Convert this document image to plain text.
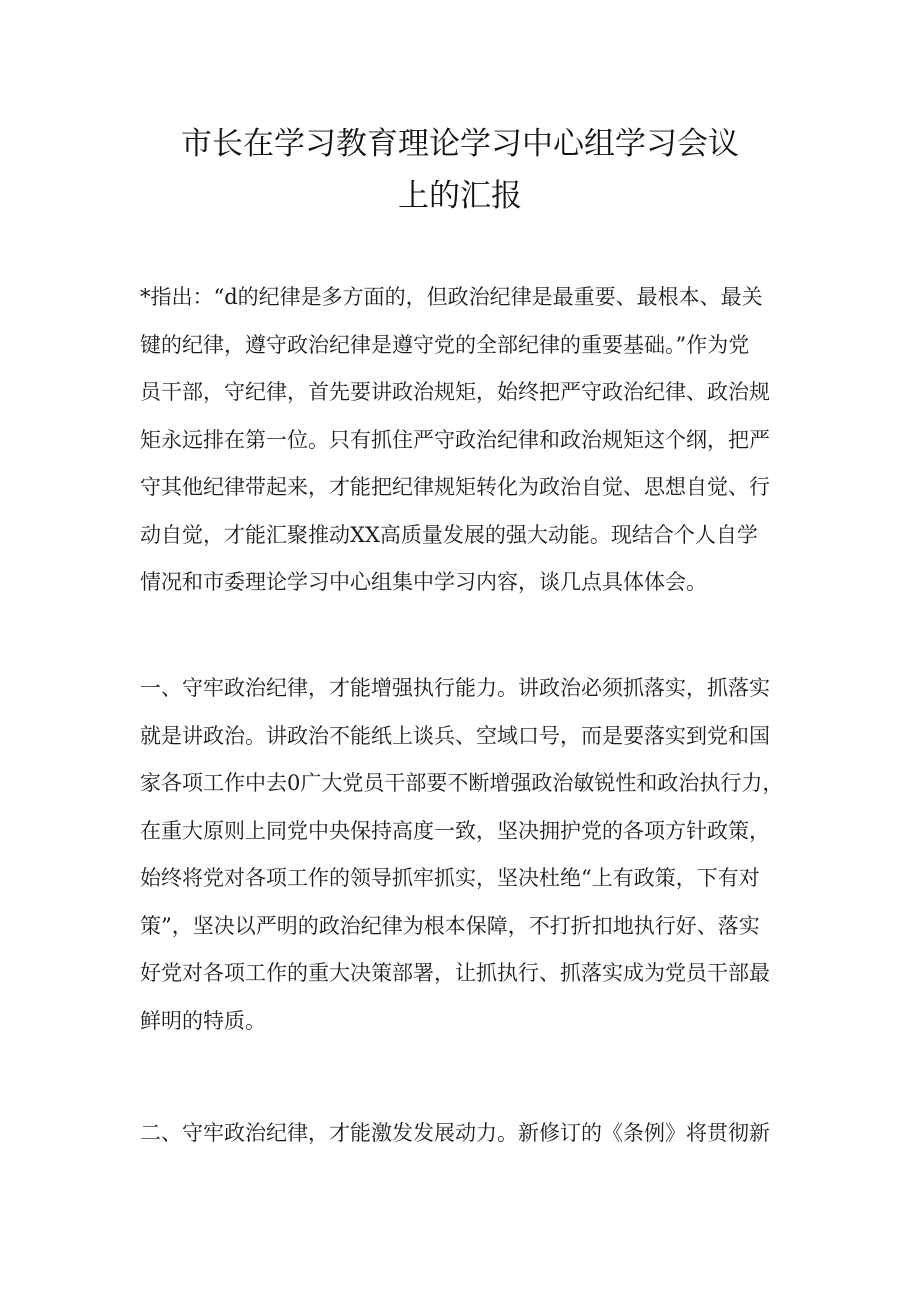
市长在学习教育理论学习中心组学习会议
上的汇报

*指出：“d的纪律是多方面的，但政治纪律是最重要、最根本、最关
键的纪律，遵守政治纪律是遵守党的全部纪律的重要基础。”作为党
员干部，守纪律，首先要讲政治规矩，始终把严守政治纪律、政治规
矩永远排在第一位。只有抓住严守政治纪律和政治规矩这个纲，把严
守其他纪律带起来，才能把纪律规矩转化为政治自觉、思想自觉、行
动自觉，才能汇聚推动XX高质量发展的强大动能。现结合个人自学
情况和市委理论学习中心组集中学习内容，谈几点具体体会。

一、守牢政治纪律，才能增强执行能力。讲政治必须抓落实，抓落实
就是讲政治。讲政治不能纸上谈兵、空域口号，而是要落实到党和国
家各项工作中去0广大党员干部要不断增强政治敏锐性和政治执行力，
在重大原则上同党中央保持高度一致，坚决拥护党的各项方针政策，
始终将党对各项工作的领导抓牢抓实，坚决杜绝“上有政策，下有对
策”，坚决以严明的政治纪律为根本保障，不打折扣地执行好、落实
好党对各项工作的重大决策部署，让抓执行、抓落实成为党员干部最
鲜明的特质。

二、守牢政治纪律，才能激发发展动力。新修订的《条例》将贯彻新
